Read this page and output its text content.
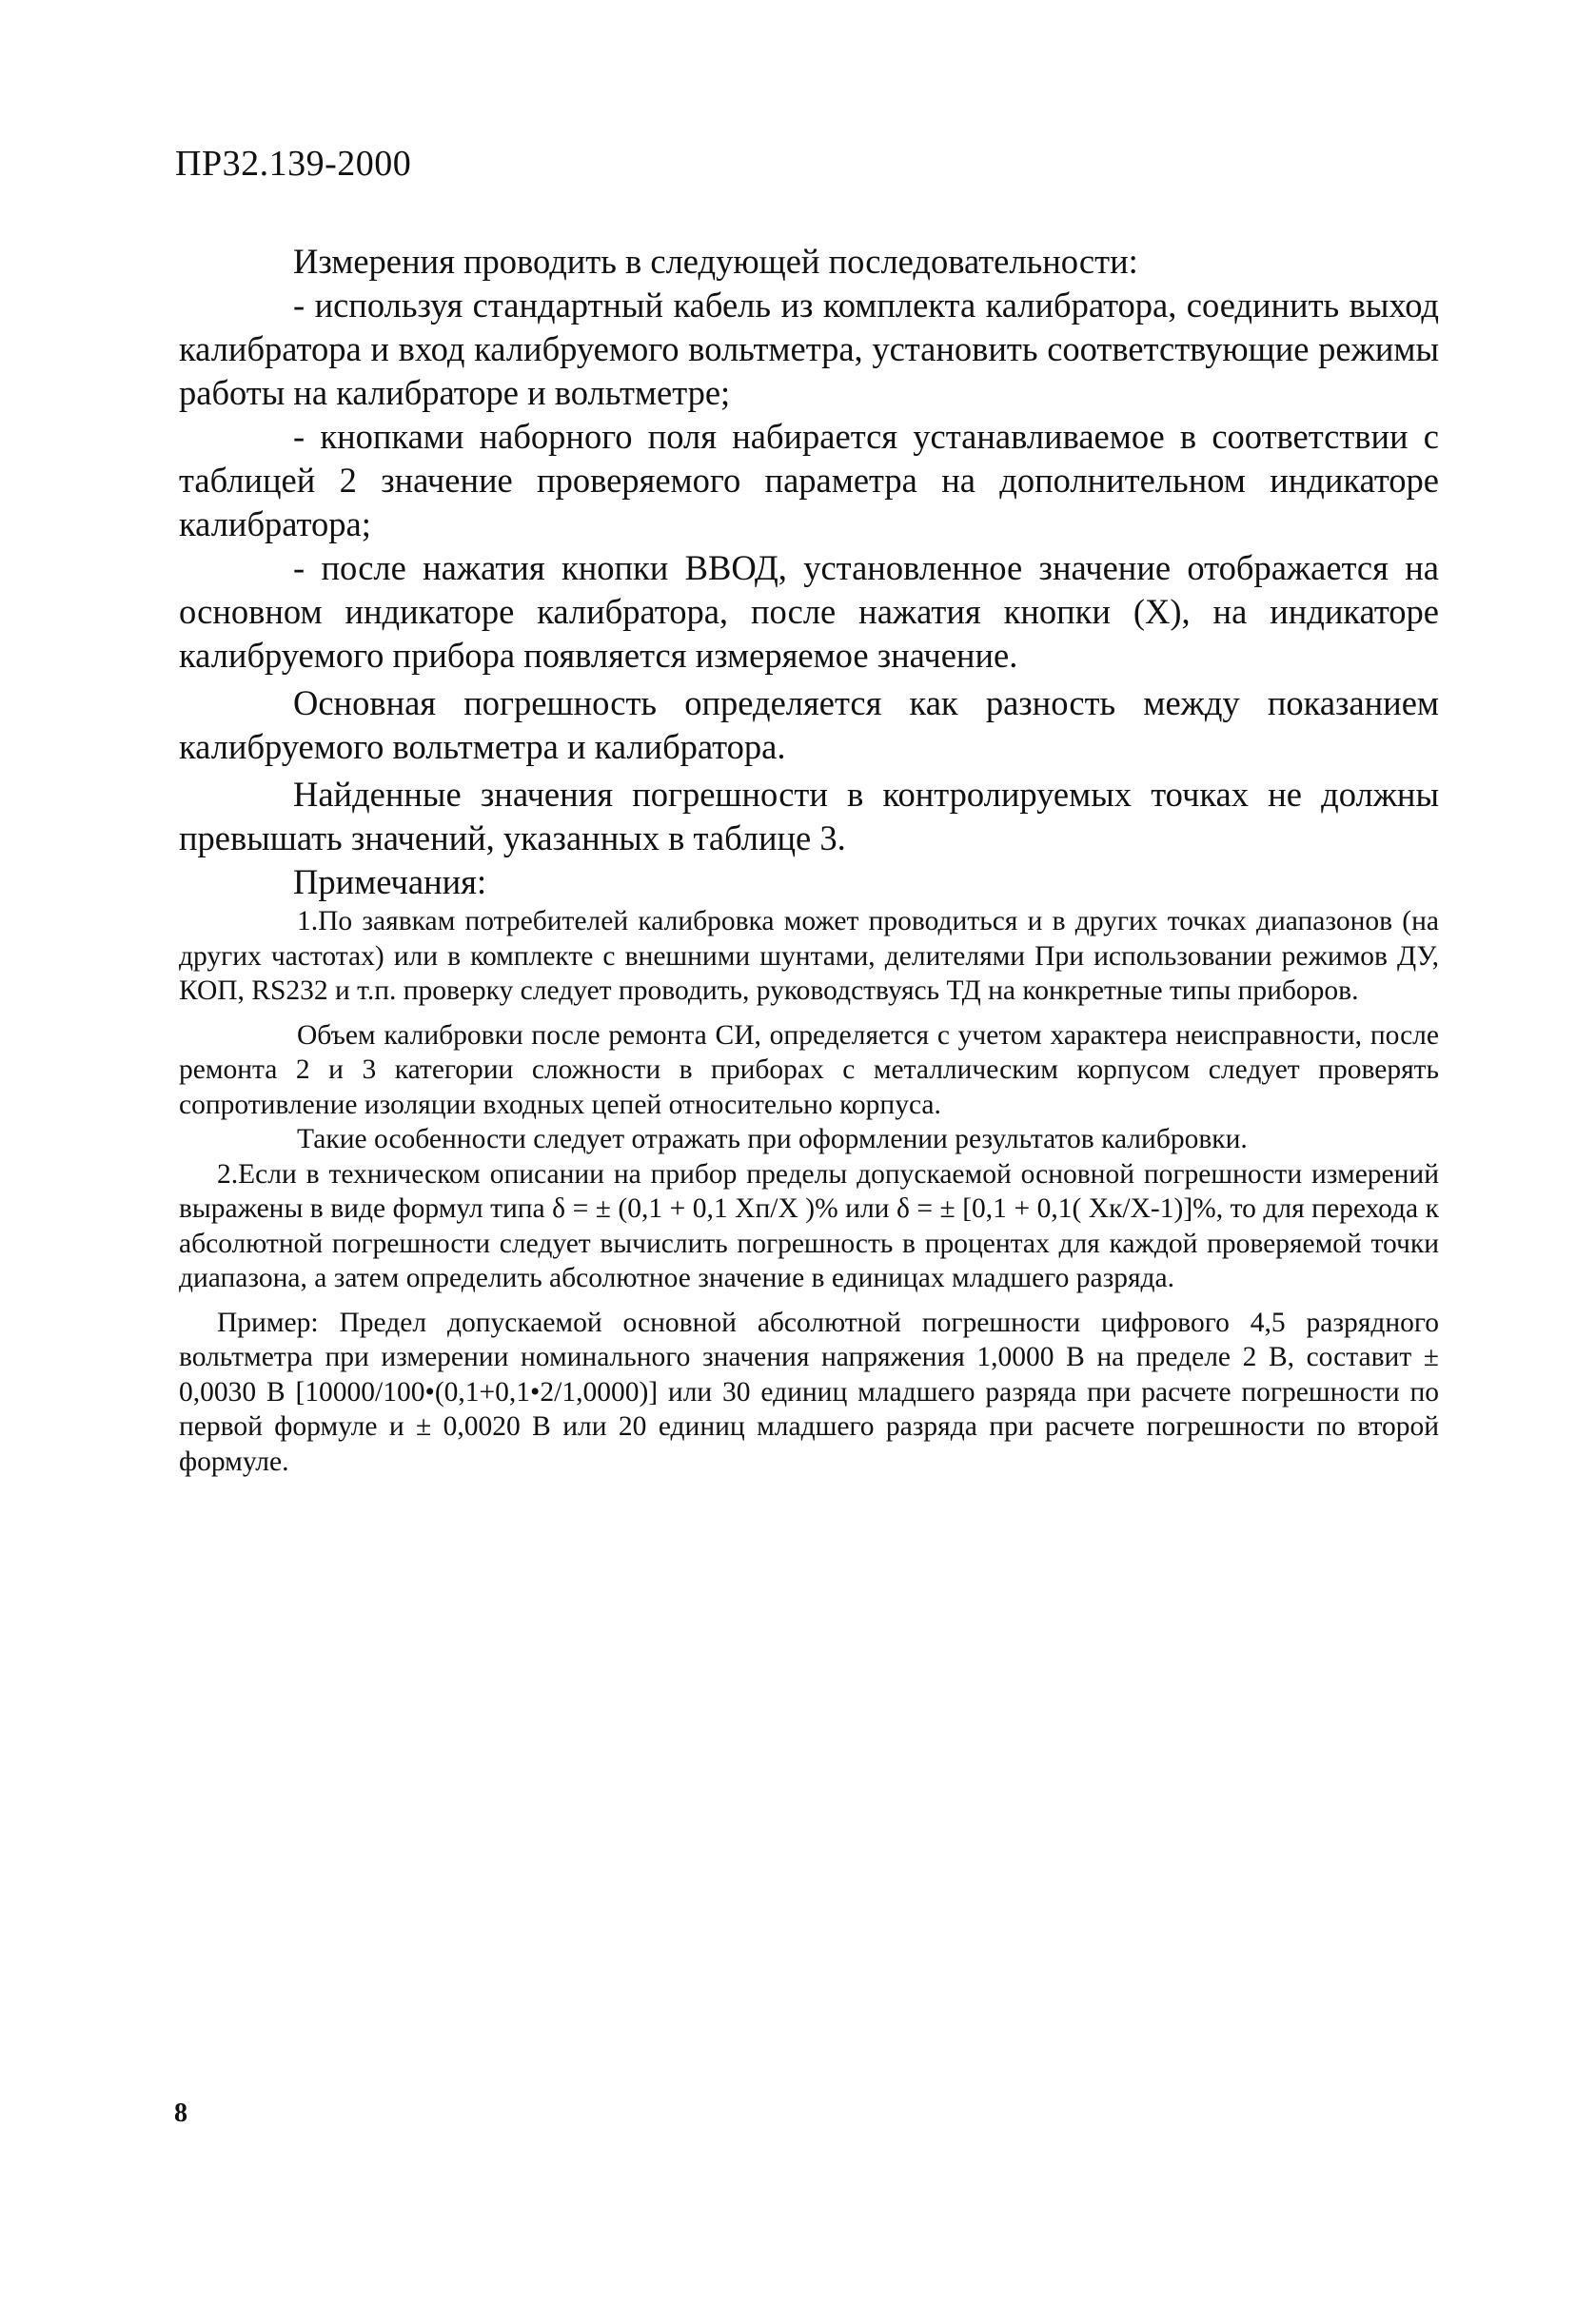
ПР32.139-2000

Измерения проводить в следующей последовательности:

- используя стандартный кабель из комплекта калибратора, соединить выход калибратора и вход калибруемого вольтметра, установить соответствующие режимы работы на калибраторе и вольтметре;

- кнопками наборного поля набирается устанавливаемое в соответствии с таблицей 2 значение проверяемого параметра на дополнительном индикаторе калибратора;

- после нажатия кнопки ВВОД, установленное значение отображается на основном индикаторе калибратора, после нажатия кнопки (X), на индикаторе калибруемого прибора появляется измеряемое значение.

Основная погрешность определяется как разность между показанием калибруемого вольтметра и калибратора.

Найденные значения погрешности в контролируемых точках не должны превышать значений, указанных в таблице 3.

Примечания:

1.По заявкам потребителей калибровка может проводиться и в других точках диапазонов (на других частотах) или в комплекте с внешними шунтами, делителями При использовании режимов ДУ, КОП, RS232 и т.п. проверку следует проводить, руководствуясь ТД на конкретные типы приборов.

Объем калибровки после ремонта СИ, определяется с учетом характера неисправности, после ремонта 2 и 3 категории сложности в приборах с металлическим корпусом следует проверять сопротивление изоляции входных цепей относительно корпуса.

Такие особенности следует отражать при оформлении результатов калибровки.

2.Если в техническом описании на прибор пределы допускаемой основной погрешности измерений выражены в виде формул типа δ = ± (0,1 + 0,1 Xп/X )% или δ = ± [0,1 + 0,1( Xк/X-1)]%, то для перехода к абсолютной погрешности следует вычислить погрешность в процентах для каждой проверяемой точки диапазона, а затем определить абсолютное значение в единицах младшего разряда.

Пример: Предел допускаемой основной абсолютной погрешности цифрового 4,5 разрядного вольтметра при измерении номинального значения напряжения 1,0000 В на пределе 2 В, составит ± 0,0030 В [10000/100•(0,1+0,1•2/1,0000)] или 30 единиц младшего разряда при расчете погрешности по первой формуле и ± 0,0020 В или 20 единиц младшего разряда при расчете погрешности по второй формуле.

8
